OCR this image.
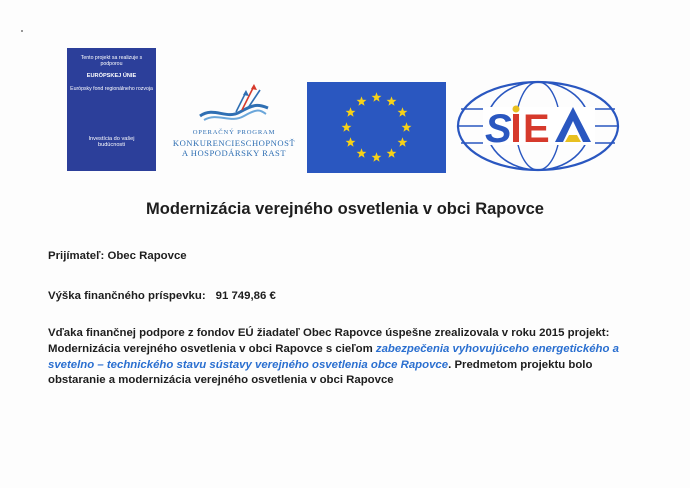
Tento projekt sa realizuje s podporou
EURÓPSKEJ ÚNIE
Európsky fond regionálneho rozvoja
Investícia do vašej budúcnosti
OPERAČNÝ PROGRAM
KONKURENCIESCHOPNOSŤ
A HOSPODÁRSKY RAST
S E
Modernizácia verejného osvetlenia v obci Rapovce
Prijímateľ: Obec Rapovce
Výška finančného príspevku: 91 749,86 €
Vďaka finančnej podpore z fondov EÚ žiadateľ Obec Rapovce úspešne zrealizovala v roku 2015 projekt: Modernizácia verejného osvetlenia v obci Rapovce s cieľom zabezpečenia vyhovujúceho energetického a svetelno – technického stavu sústavy verejného osvetlenia obce Rapovce. Predmetom projektu bolo obstaranie a modernizácia verejného osvetlenia v obci Rapovce
